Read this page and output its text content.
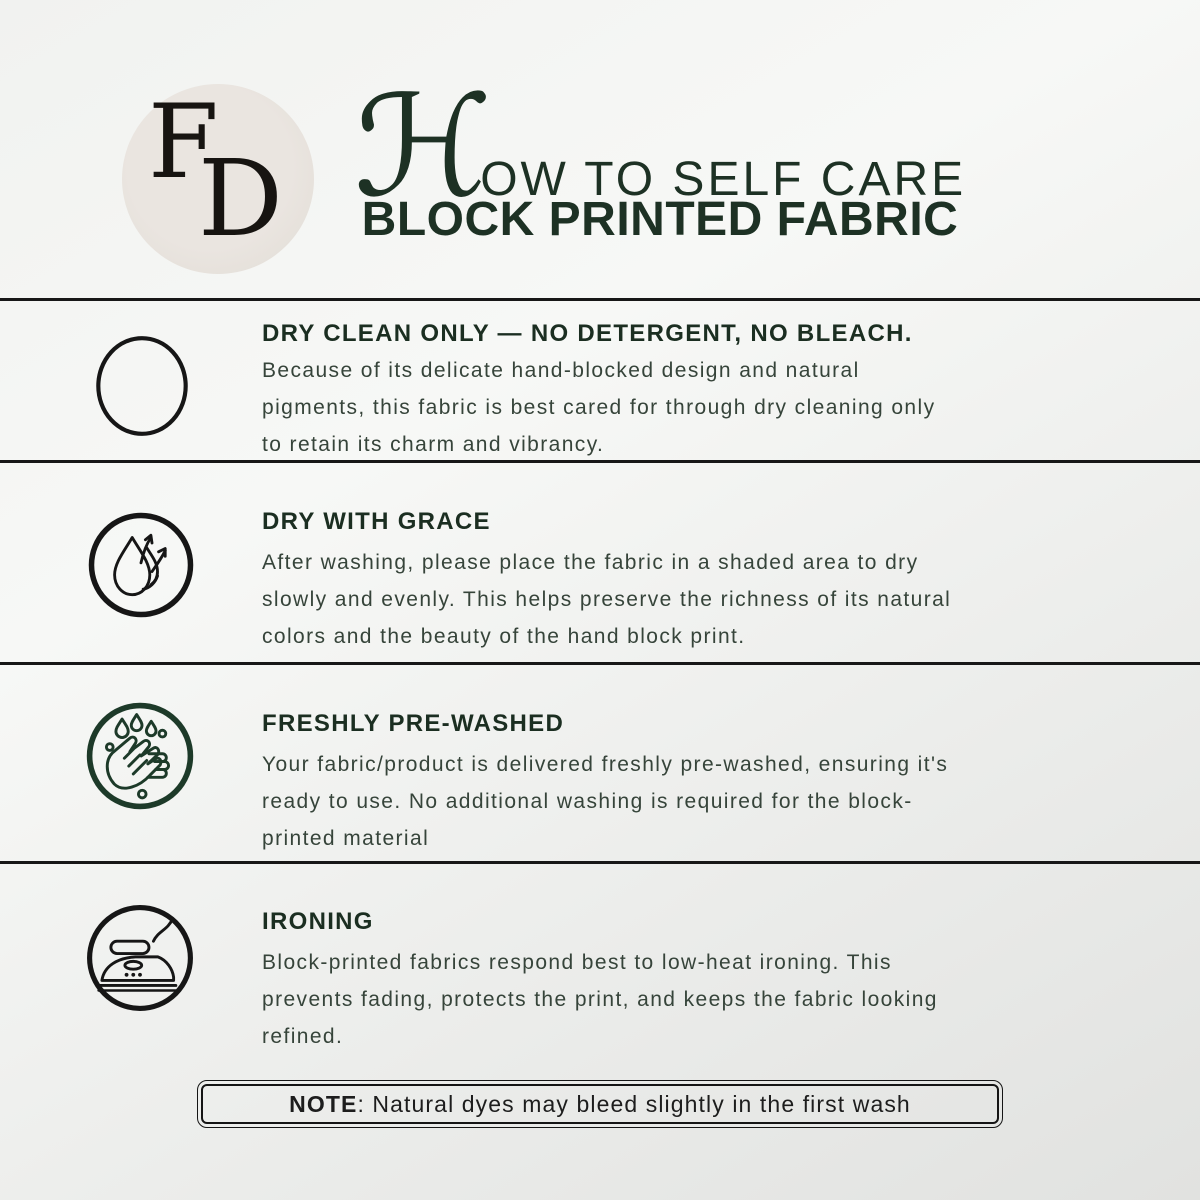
F
D ℋ
OW TO SELF CARE
BLOCK PRINTED FABRIC
DRY CLEAN ONLY — NO DETERGENT, NO BLEACH.
Because of its delicate hand-blocked design and natural
pigments, this fabric is best cared for through dry cleaning only
to retain its charm and vibrancy.
DRY WITH GRACE
After washing, please place the fabric in a shaded area to dry
slowly and evenly. This helps preserve the richness of its natural
colors and the beauty of the hand block print.
FRESHLY PRE-WASHED
Your fabric/product is delivered freshly pre-washed, ensuring it's
ready to use. No additional washing is required for the block-
printed material
IRONING
Block-printed fabrics respond best to low-heat ironing. This
prevents fading, protects the print, and keeps the fabric looking
refined.
NOTE : Natural dyes may bleed slightly in the first wash
